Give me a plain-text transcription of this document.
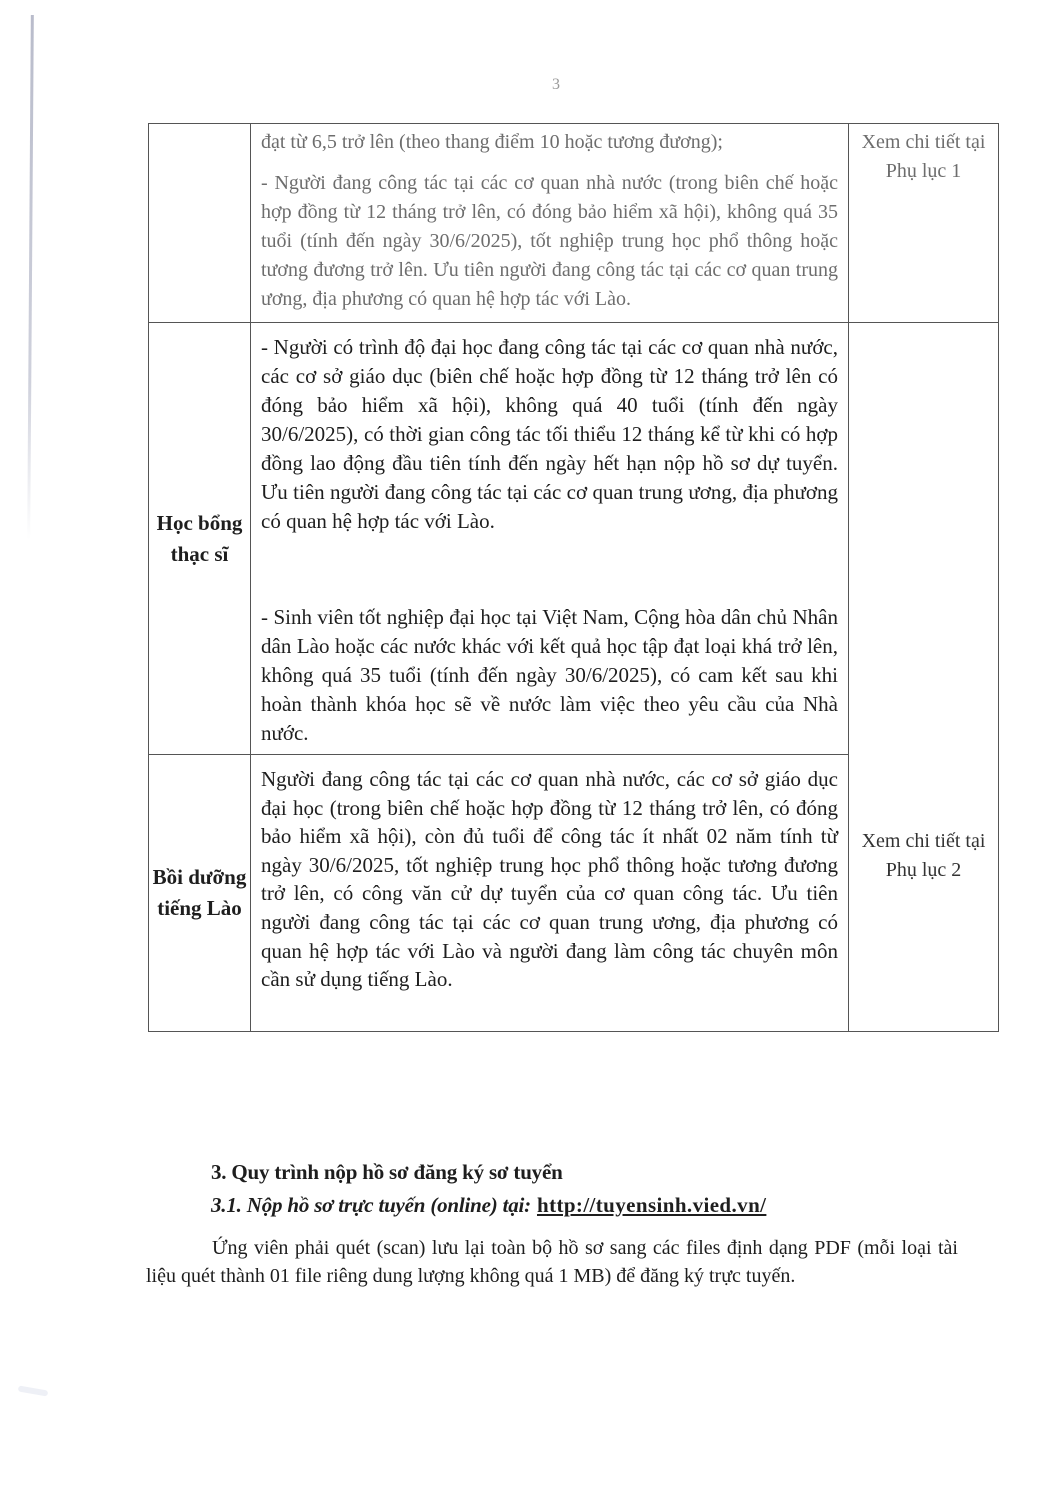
3

	đạt từ 6,5 trở lên (theo thang điểm 10 hoặc tương đương);
- Người đang công tác tại các cơ quan nhà nước (trong biên chế hoặc hợp đồng từ 12 tháng trở lên, có đóng bảo hiểm xã hội), không quá 35 tuổi (tính đến ngày 30/6/2025), tốt nghiệp trung học phổ thông hoặc tương đương trở lên. Ưu tiên người đang công tác tại các cơ quan trung ương, địa phương có quan hệ hợp tác với Lào.	Xem chi tiết tại Phụ lục 1

Học bổng thạc sĩ	- Người có trình độ đại học đang công tác tại các cơ quan nhà nước, các cơ sở giáo dục (biên chế hoặc hợp đồng từ 12 tháng trở lên có đóng bảo hiểm xã hội), không quá 40 tuổi (tính đến ngày 30/6/2025), có thời gian công tác tối thiểu 12 tháng kể từ khi có hợp đồng lao động đầu tiên tính đến ngày hết hạn nộp hồ sơ dự tuyển. Ưu tiên người đang công tác tại các cơ quan trung ương, địa phương có quan hệ hợp tác với Lào.
- Sinh viên tốt nghiệp đại học tại Việt Nam, Cộng hòa dân chủ Nhân dân Lào hoặc các nước khác với kết quả học tập đạt loại khá trở lên, không quá 35 tuổi (tính đến ngày 30/6/2025), có cam kết sau khi hoàn thành khóa học sẽ về nước làm việc theo yêu cầu của Nhà nước.	Xem chi tiết tại Phụ lục 2

Bồi dưỡng tiếng Lào	Người đang công tác tại các cơ quan nhà nước, các cơ sở giáo dục đại học (trong biên chế hoặc hợp đồng từ 12 tháng trở lên, có đóng bảo hiểm xã hội), còn đủ tuổi để công tác ít nhất 02 năm tính từ ngày 30/6/2025, tốt nghiệp trung học phổ thông hoặc tương đương trở lên, có công văn cử dự tuyển của cơ quan công tác. Ưu tiên người đang công tác tại các cơ quan trung ương, địa phương có quan hệ hợp tác với Lào và người đang làm công tác chuyên môn cần sử dụng tiếng Lào.	
3. Quy trình nộp hồ sơ đăng ký sơ tuyển
3.1. Nộp hồ sơ trực tuyến (online) tại: http://tuyensinh.vied.vn/
Ứng viên phải quét (scan) lưu lại toàn bộ hồ sơ sang các files định dạng PDF (mỗi loại tài liệu quét thành 01 file riêng dung lượng không quá 1 MB) để đăng ký trực tuyến.
